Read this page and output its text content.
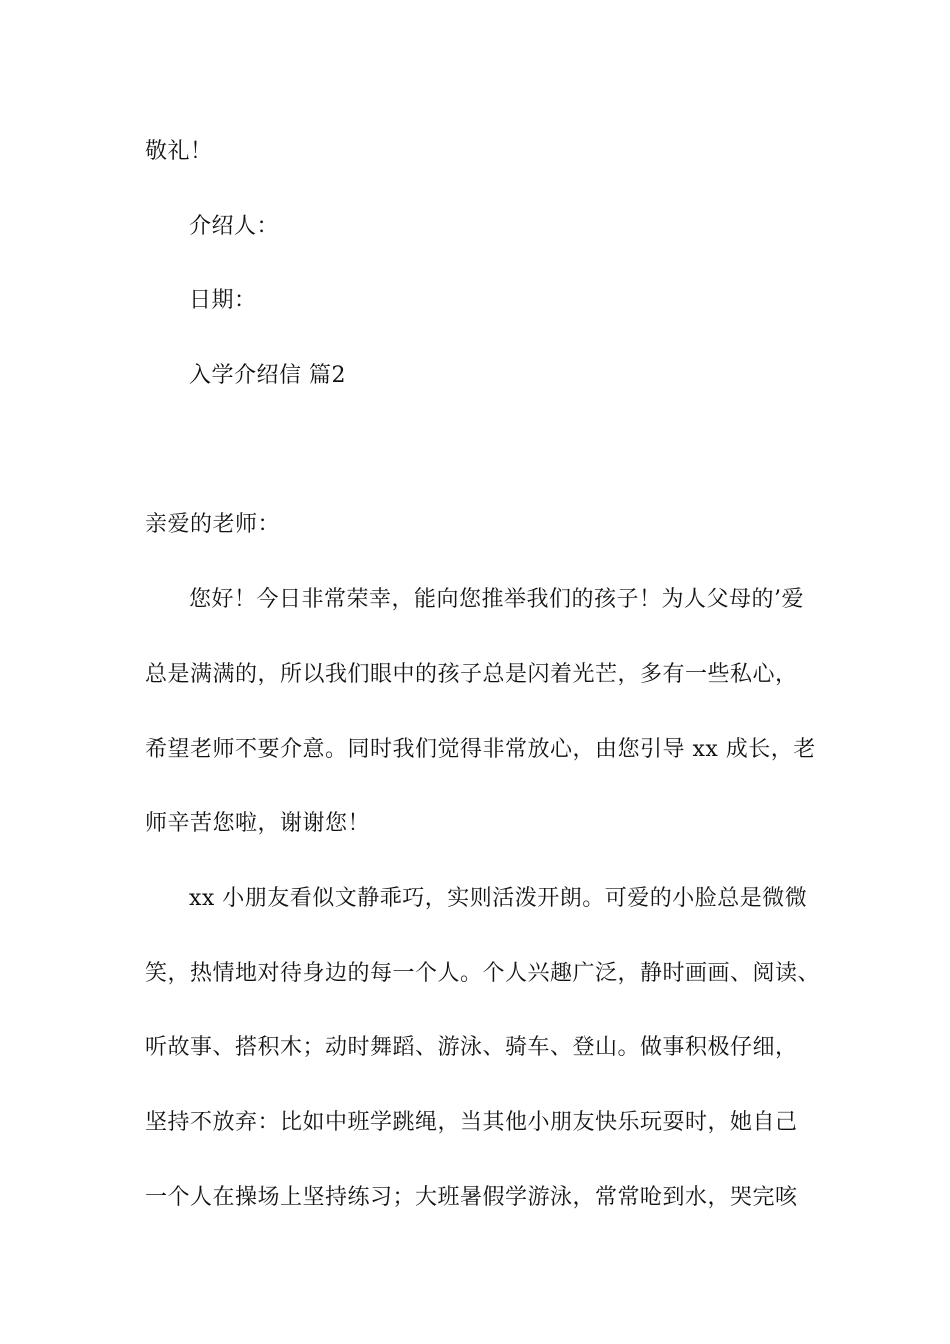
敬礼！
介绍人：
日期：
入学介绍信 篇2
亲爱的老师：
您好！今日非常荣幸，能向您推举我们的孩子！为人父母的’爱
总是满满的，所以我们眼中的孩子总是闪着光芒，多有一些私心，
希望老师不要介意。同时我们觉得非常放心，由您引导 xx 成长，老
师辛苦您啦，谢谢您！
xx 小朋友看似文静乖巧，实则活泼开朗。可爱的小脸总是微微
笑，热情地对待身边的每一个人。个人兴趣广泛，静时画画、阅读、
听故事、搭积木；动时舞蹈、游泳、骑车、登山。做事积极仔细，
坚持不放弃：比如中班学跳绳，当其他小朋友快乐玩耍时，她自己
一个人在操场上坚持练习；大班暑假学游泳，常常呛到水，哭完咳
